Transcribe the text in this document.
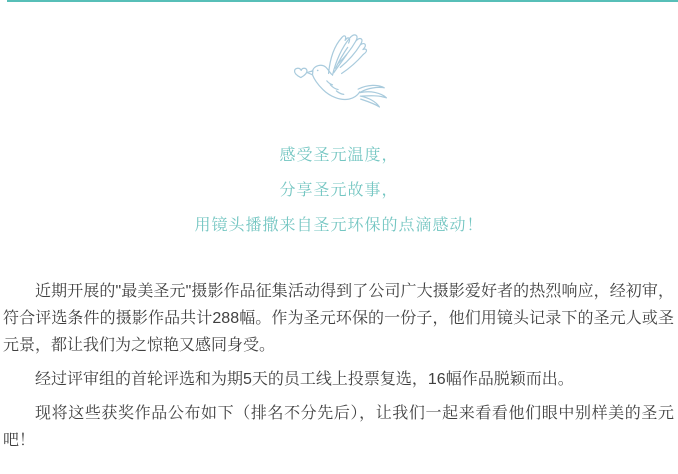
感受圣元温度，

分享圣元故事，

用镜头播撒来自圣元环保的点滴感动！

近期开展的"最美圣元"摄影作品征集活动得到了公司广大摄影爱好者的热烈响应，经初审，符合评选条件的摄影作品共计288幅。作为圣元环保的一份子，他们用镜头记录下的圣元人或圣元景，都让我们为之惊艳又感同身受。

经过评审组的首轮评选和为期5天的员工线上投票复选，16幅作品脱颖而出。

现将这些获奖作品公布如下（排名不分先后），让我们一起来看看他们眼中别样美的圣元吧！
